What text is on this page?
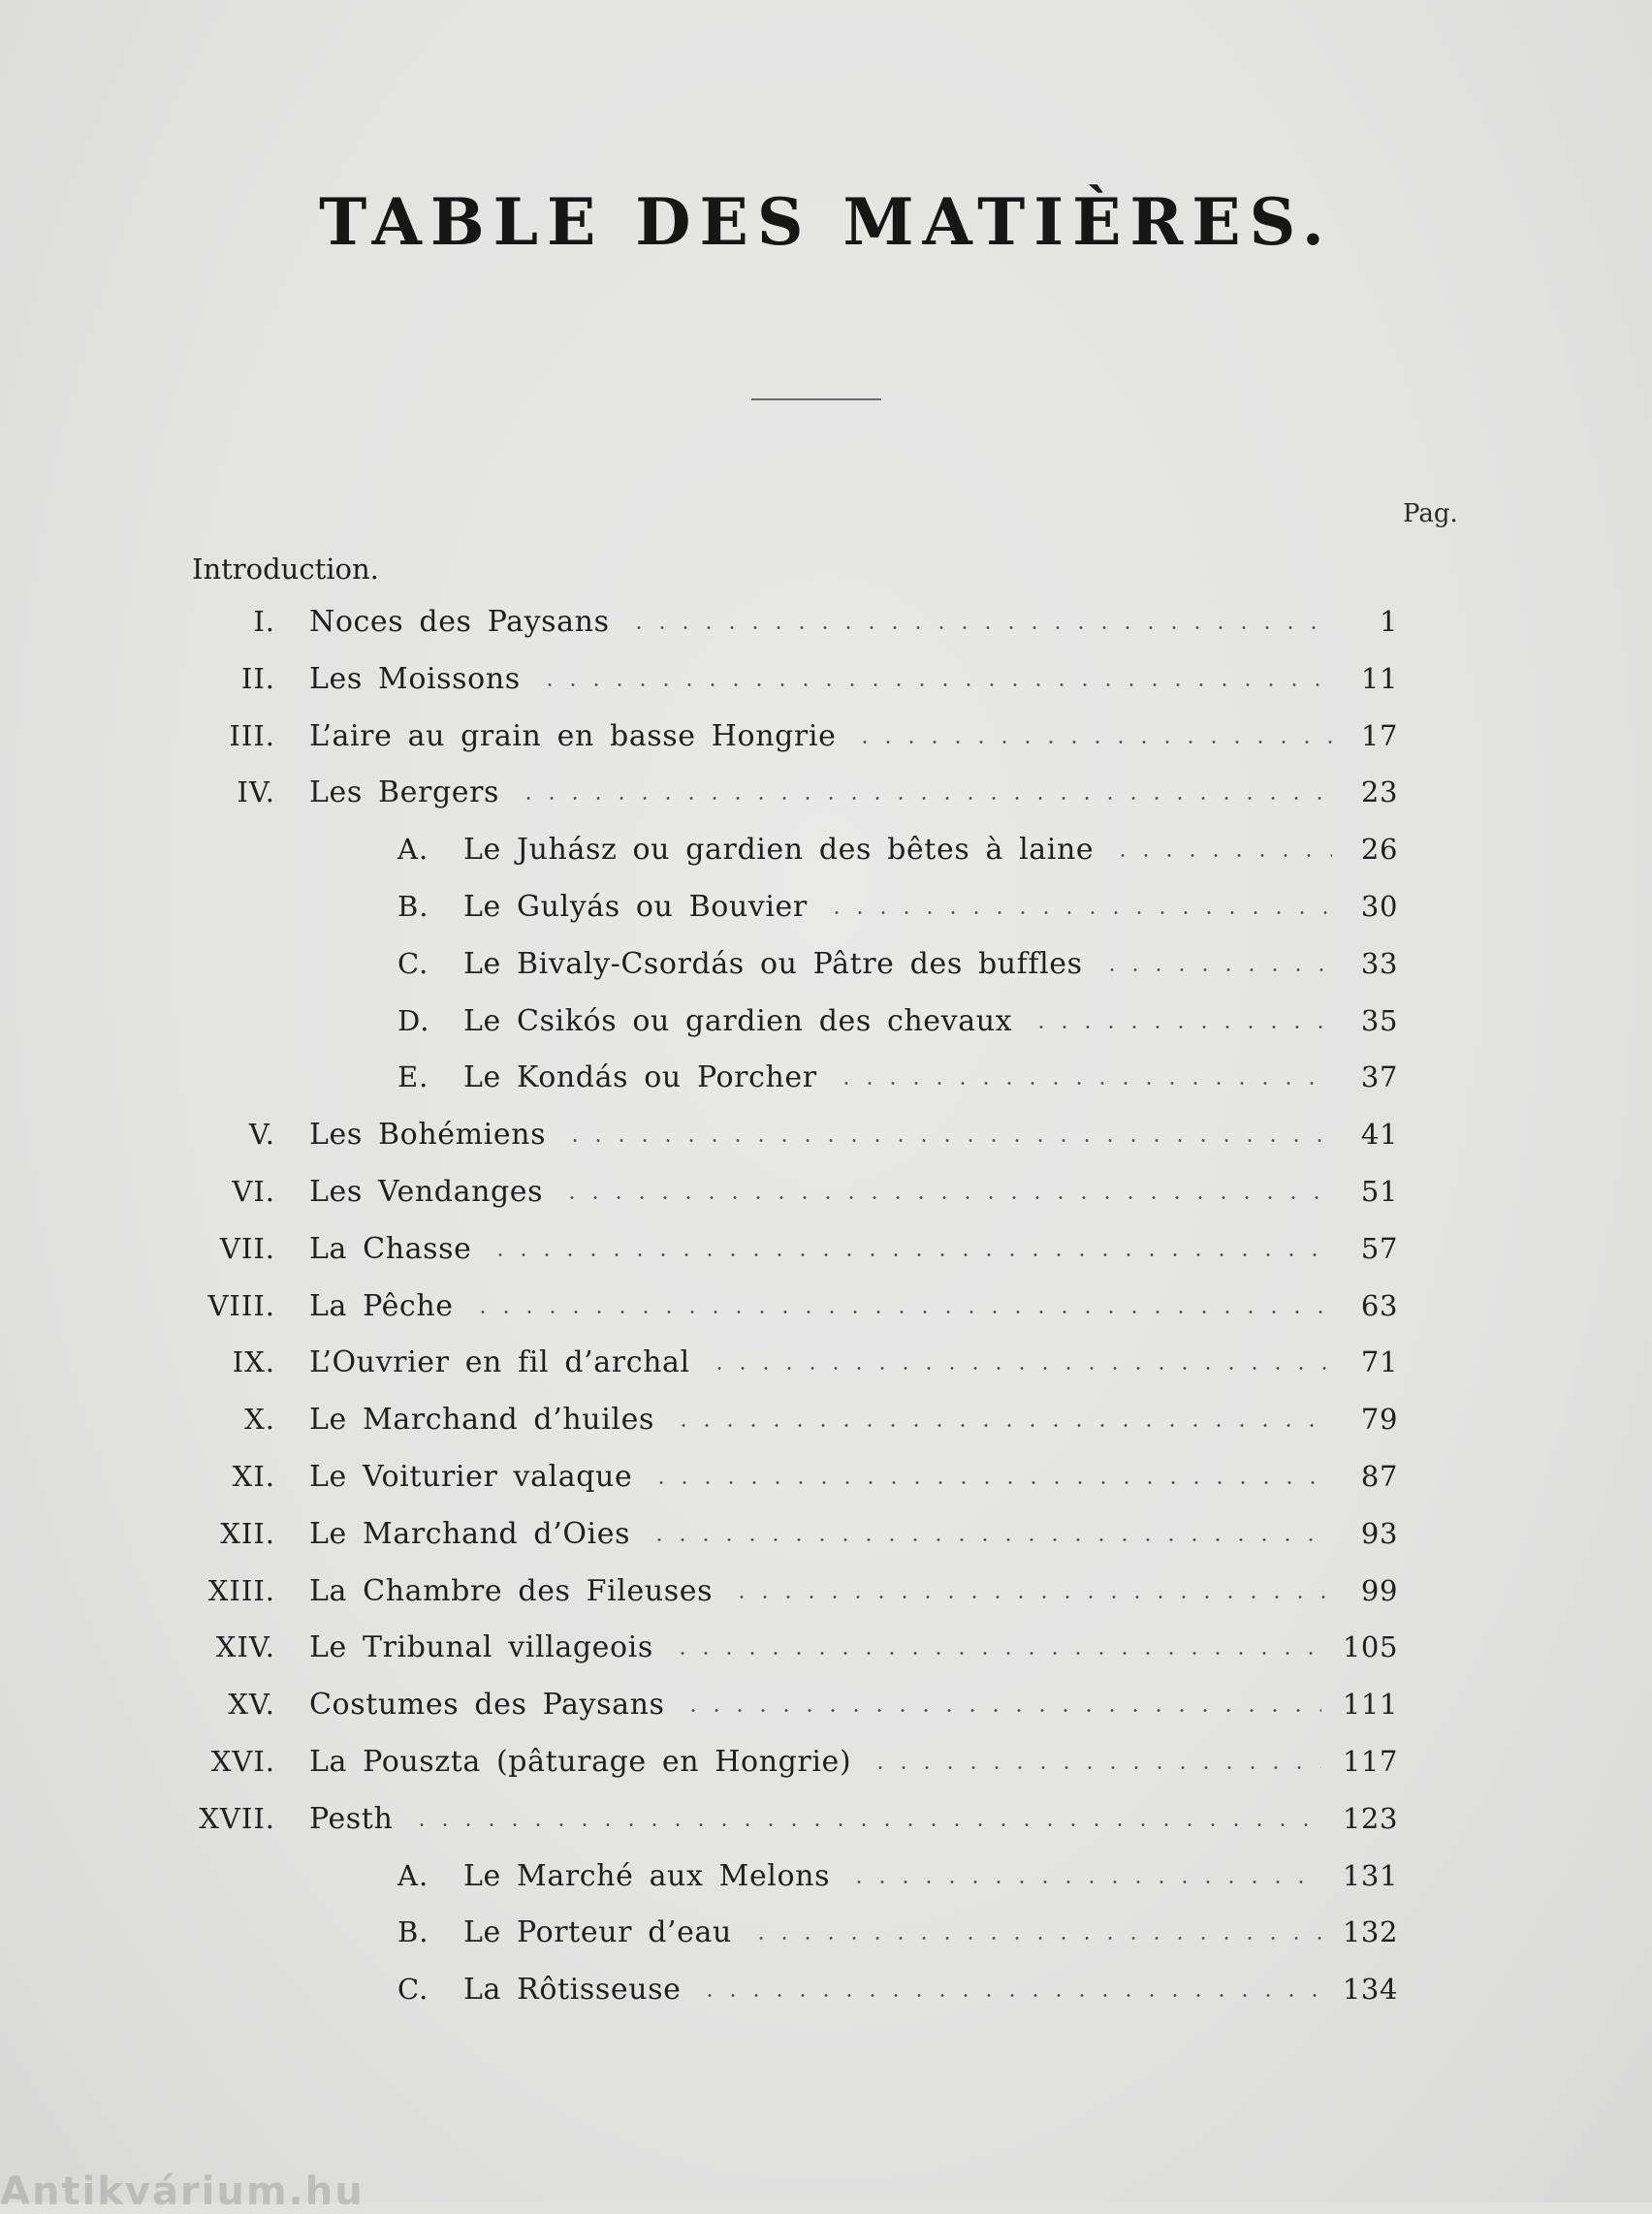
TABLE DES MATIÈRES.
Pag.
Introduction.
I. Noces des Paysans	1
II. Les Moissons	11
III. L’aire au grain en basse Hongrie	17
IV. Les Bergers	23
A. Le Juhász ou gardien des bêtes à laine	26
B. Le Gulyás ou Bouvier	30
C. Le Bivaly-Csordás ou Pâtre des buffles	33
D. Le Csikós ou gardien des chevaux	35
E. Le Kondás ou Porcher	37
V. Les Bohémiens	41
VI. Les Vendanges	51
VII. La Chasse	57
VIII. La Pêche	63
IX. L’Ouvrier en fil d’archal	71
X. Le Marchand d’huiles	79
XI. Le Voiturier valaque	87
XII. Le Marchand d’Oies	93
XIII. La Chambre des Fileuses	99
XIV. Le Tribunal villageois	105
XV. Costumes des Paysans	111
XVI. La Pouszta (pâturage en Hongrie)	117
XVII. Pesth	123
A. Le Marché aux Melons	131
B. Le Porteur d’eau	132
C. La Rôtisseuse	134
Antikvárium.hu
